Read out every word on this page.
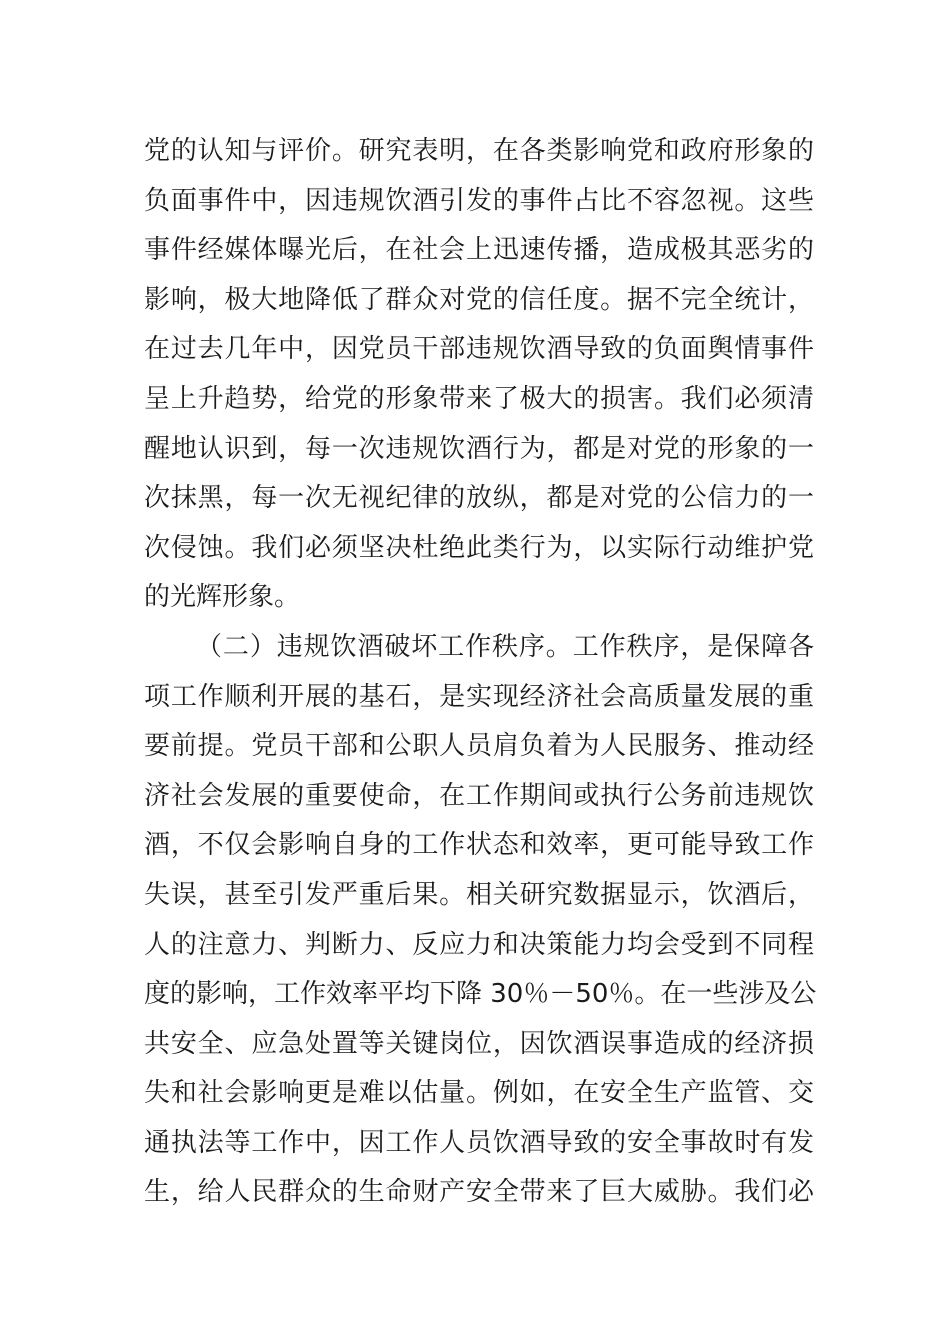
党的认知与评价。研究表明，在各类影响党和政府形象的
负面事件中，因违规饮酒引发的事件占比不容忽视。这些
事件经媒体曝光后，在社会上迅速传播，造成极其恶劣的
影响，极大地降低了群众对党的信任度。据不完全统计，
在过去几年中，因党员干部违规饮酒导致的负面舆情事件
呈上升趋势，给党的形象带来了极大的损害。我们必须清
醒地认识到，每一次违规饮酒行为，都是对党的形象的一
次抹黑，每一次无视纪律的放纵，都是对党的公信力的一
次侵蚀。我们必须坚决杜绝此类行为，以实际行动维护党
的光辉形象。
（二）违规饮酒破坏工作秩序。工作秩序，是保障各
项工作顺利开展的基石，是实现经济社会高质量发展的重
要前提。党员干部和公职人员肩负着为人民服务、推动经
济社会发展的重要使命，在工作期间或执行公务前违规饮
酒，不仅会影响自身的工作状态和效率，更可能导致工作
失误，甚至引发严重后果。相关研究数据显示，饮酒后，
人的注意力、判断力、反应力和决策能力均会受到不同程
度的影响，工作效率平均下降 30％－50％。在一些涉及公
共安全、应急处置等关键岗位，因饮酒误事造成的经济损
失和社会影响更是难以估量。例如，在安全生产监管、交
通执法等工作中，因工作人员饮酒导致的安全事故时有发
生，给人民群众的生命财产安全带来了巨大威胁。我们必
